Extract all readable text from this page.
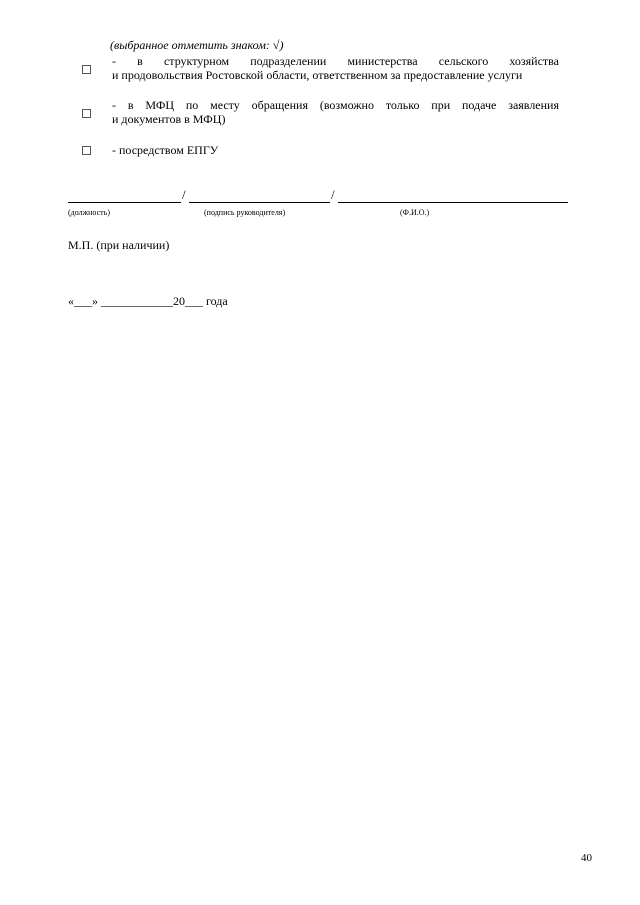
(выбранное отметить знаком: √)
- в структурном подразделении министерства сельского хозяйства
и продовольствия Ростовской области, ответственном за предоставление услуги
- в МФЦ по месту обращения (возможно только при подаче заявления
и документов в МФЦ)
- посредством ЕПГУ
/	/
(должность)	(подпись руководителя)	(Ф.И.О.)
М.П. (при наличии)
«___» ____________20___ года
40
